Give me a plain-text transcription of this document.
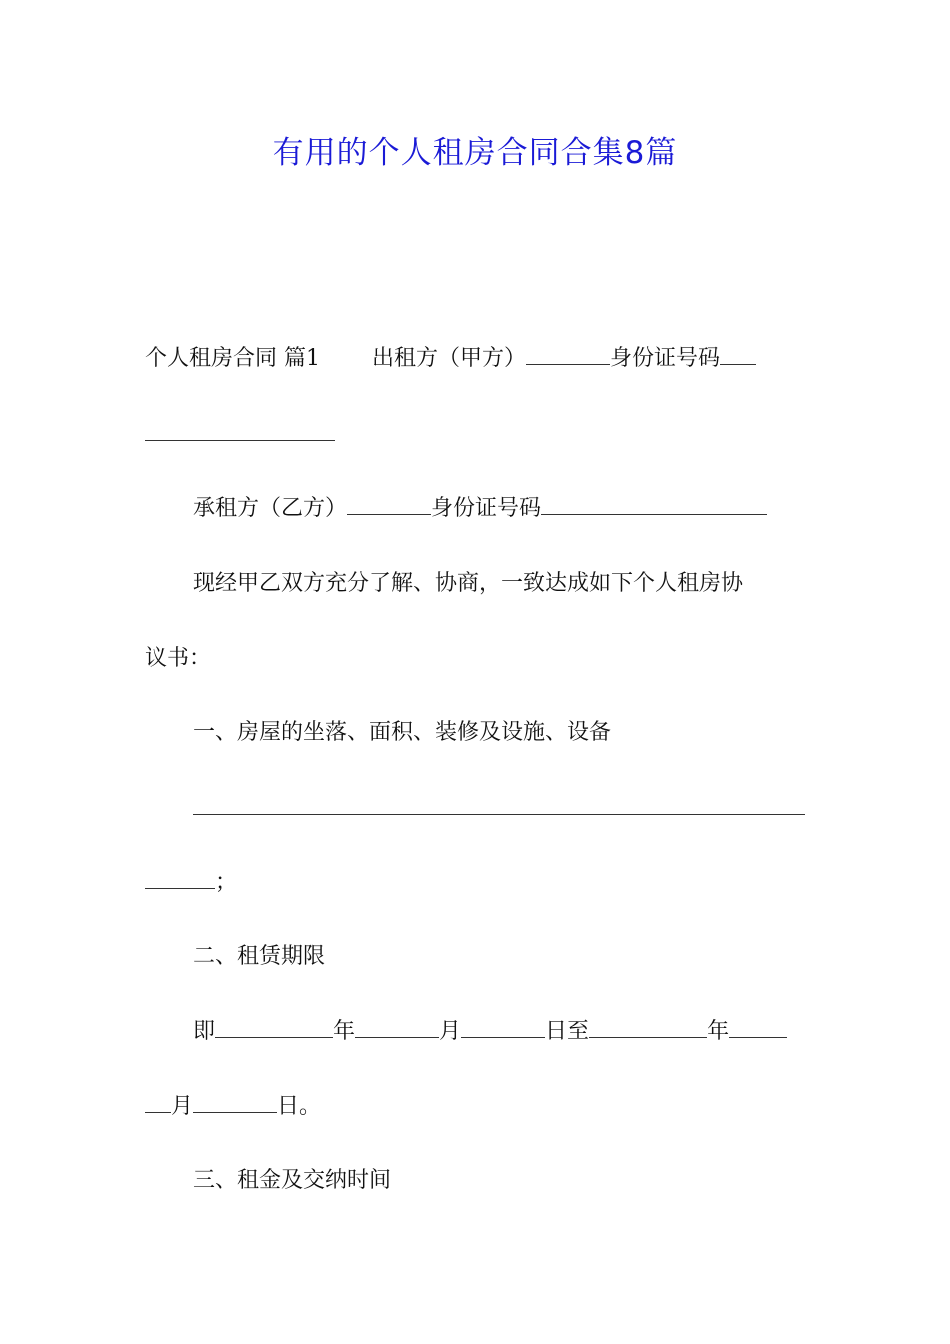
有用的个人租房合同合集8篇
个人租房合同 篇1 出租方（甲方）	身份证号码
承租方（乙方）	身份证号码
现经甲乙双方充分了解、协商，一致达成如下个人租房协
议书：
一、房屋的坐落、面积、装修及设施、设备
；
二、租赁期限
即	年	月	日至	年
月	日。
三、租金及交纳时间
